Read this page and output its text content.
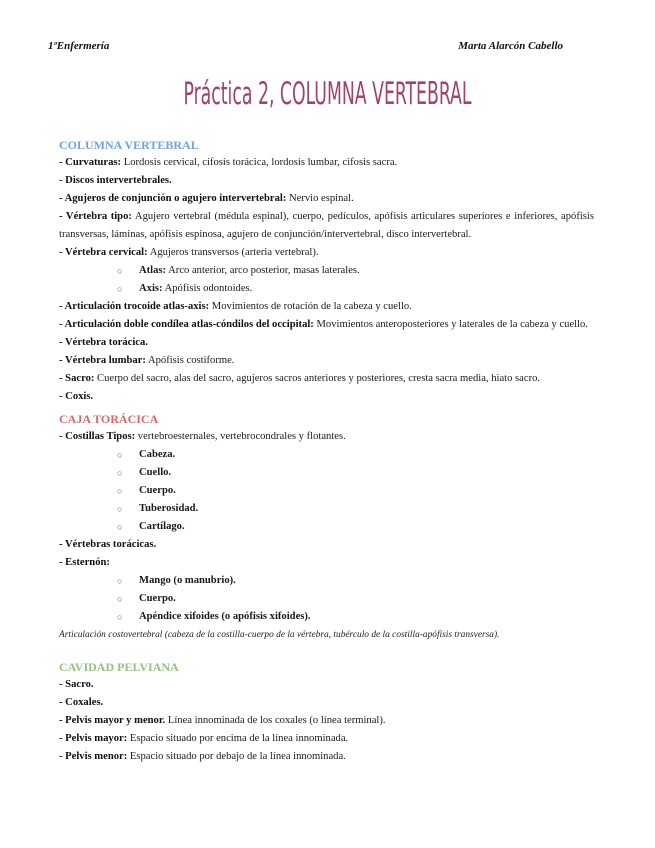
1ºEnfermería	Marta Alarcón Cabello
Práctica 2, COLUMNA VERTEBRAL
COLUMNA VERTEBRAL

- Curvaturas: Lordosis cervical, cifosis torácica, lordosis lumbar, cifosis sacra.

- Discos intervertebrales.

- Agujeros de conjunción o agujero intervertebral: Nervio espinal.

- Vértebra tipo: Agujero vertebral (médula espinal), cuerpo, pedículos, apófisis articulares superiores e inferiores, apófisis transversas, láminas, apófisis espinosa, agujero de conjunción/intervertebral, disco intervertebral.

- Vértebra cervical: Agujeros transversos (arteria vertebral).

○	Atlas: Arco anterior, arco posterior, masas laterales.

○	Axis: Apófisis odontoides.

- Articulación trocoide atlas-axis: Movimientos de rotación de la cabeza y cuello.

- Articulación doble condílea atlas-cóndilos del occipital: Movimientos anteroposteriores y laterales de la cabeza y cuello.

- Vértebra torácica.

- Vértebra lumbar: Apófisis costiforme.

- Sacro: Cuerpo del sacro, alas del sacro, agujeros sacros anteriores y posteriores, cresta sacra media, hiato sacro.

- Coxis.

CAJA TORÁCICA

- Costillas Tipos: vertebroesternales, vertebrocondrales y flotantes.

○	Cabeza.

○	Cuello.

○	Cuerpo.

○	Tuberosidad.

○	Cartílago.

- Vértebras torácicas.

- Esternón:

○	Mango (o manubrio).

○	Cuerpo.

○	Apéndice xifoides (o apófisis xifoides).

Articulación costovertebral (cabeza de la costilla-cuerpo de la vértebra, tubérculo de la costilla-apófisis transversa).

CAVIDAD PELVIANA

- Sacro.

- Coxales.

- Pelvis mayor y menor. Línea innominada de los coxales (o línea terminal).

- Pelvis mayor: Espacio situado por encima de la línea innominada.

- Pelvis menor: Espacio situado por debajo de la línea innominada.
